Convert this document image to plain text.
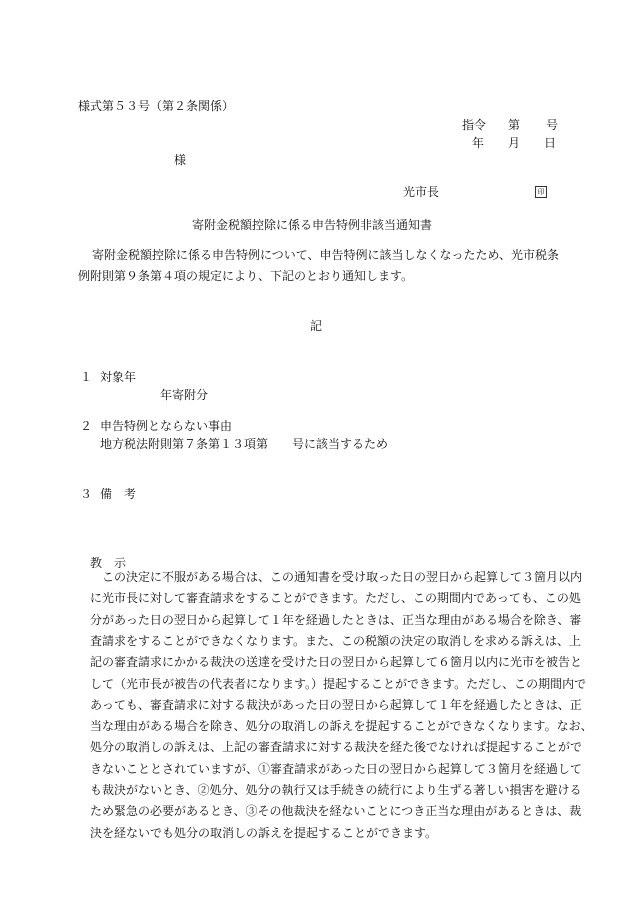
様式第５３号（第２条関係）
指令 第 号
年 月 日
様
光市長	印
寄附金税額控除に係る申告特例非該当通知書
寄附金税額控除に係る申告特例について、申告特例に該当しなくなったため、光市税条
例附則第９条第４項の規定により、下記のとおり通知します。
記
１ 対象年
年寄附分
２ 申告特例とならない事由
地方税法附則第７条第１３項第　　号に該当するため
３ 備　考
教　示
この決定に不服がある場合は、この通知書を受け取った日の翌日から起算して３箇月以内
に光市長に対して審査請求をすることができます。ただし、この期間内であっても、この処
分があった日の翌日から起算して１年を経過したときは、正当な理由がある場合を除き、審
査請求をすることができなくなります。また、この税額の決定の取消しを求める訴えは、上
記の審査請求にかかる裁決の送達を受けた日の翌日から起算して６箇月以内に光市を被告と
して（光市長が被告の代表者になります。）提起することができます。ただし、この期間内で
あっても、審査請求に対する裁決があった日の翌日から起算して１年を経過したときは、正
当な理由がある場合を除き、処分の取消しの訴えを提起することができなくなります。なお、
処分の取消しの訴えは、上記の審査請求に対する裁決を経た後でなければ提起することがで
きないこととされていますが、①審査請求があった日の翌日から起算して３箇月を経過して
も裁決がないとき、②処分、処分の執行又は手続きの続行により生ずる著しい損害を避ける
ため緊急の必要があるとき、③その他裁決を経ないことにつき正当な理由があるときは、裁
決を経ないでも処分の取消しの訴えを提起することができます。
